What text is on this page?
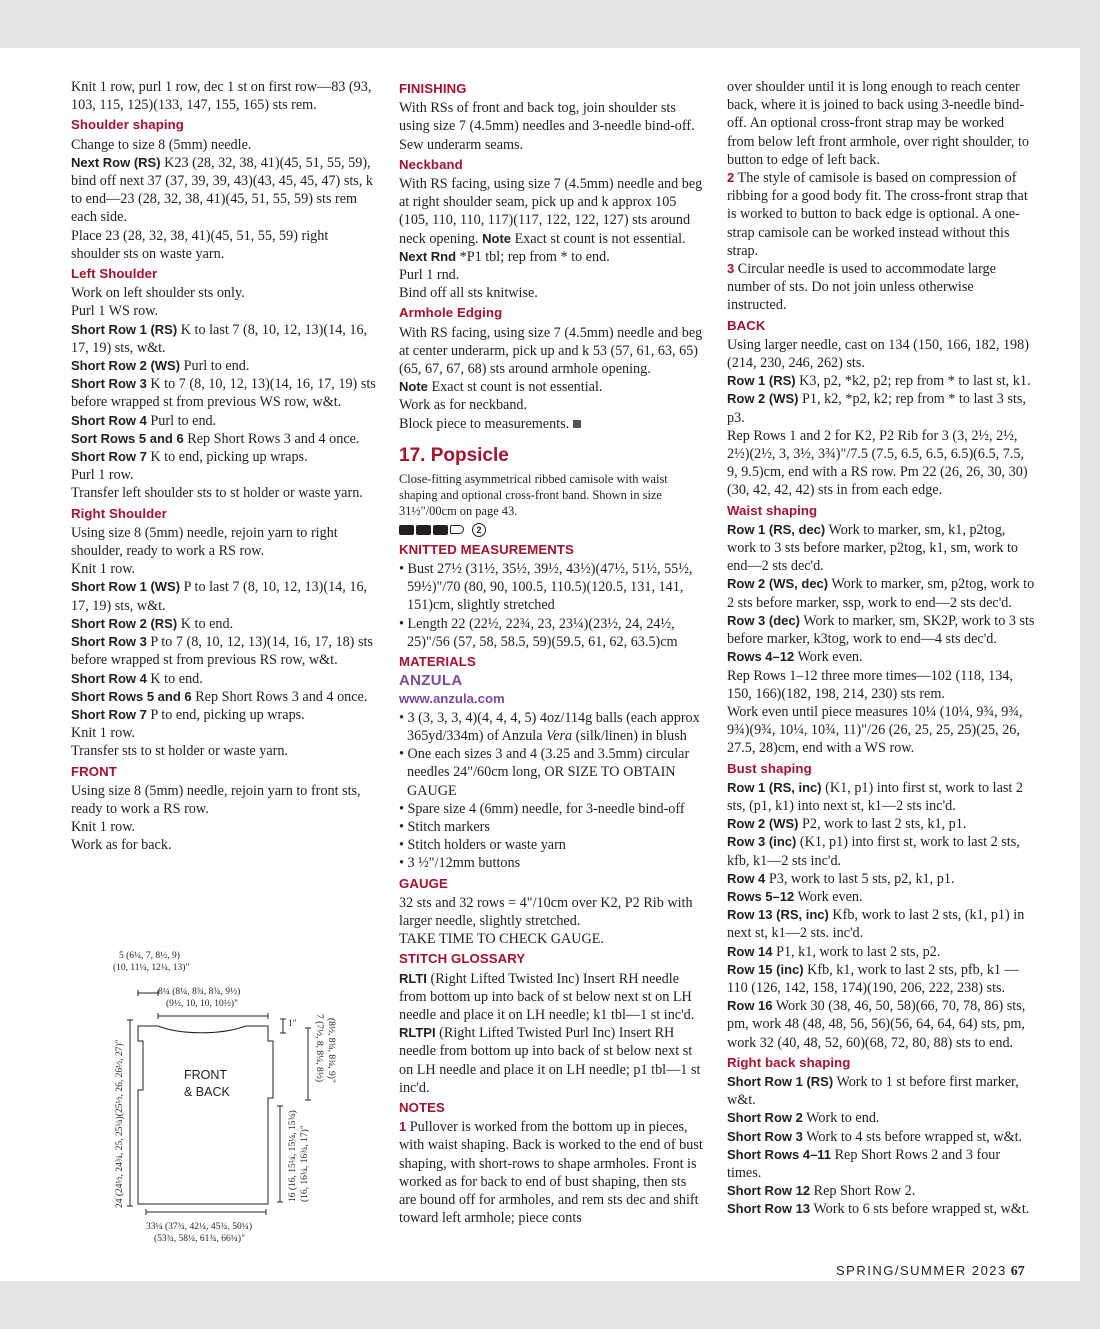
Knit 1 row, purl 1 row, dec 1 st on first row—83 (93, 103, 115, 125)(133, 147, 155, 165) sts rem.

Shoulder shaping

Change to size 8 (5mm) needle.

Next Row (RS) K23 (28, 32, 38, 41)(45, 51, 55, 59), bind off next 37 (37, 39, 39, 43)(43, 45, 45, 47) sts, k to end—23 (28, 32, 38, 41)(45, 51, 55, 59) sts rem each side.

Place 23 (28, 32, 38, 41)(45, 51, 55, 59) right shoulder sts on waste yarn.

Left Shoulder

Work on left shoulder sts only.

Purl 1 WS row.

Short Row 1 (RS) K to last 7 (8, 10, 12, 13)(14, 16, 17, 19) sts, w&t.

Short Row 2 (WS) Purl to end.

Short Row 3 K to 7 (8, 10, 12, 13)(14, 16, 17, 19) sts before wrapped st from previous WS row, w&t.

Short Row 4 Purl to end.

Sort Rows 5 and 6 Rep Short Rows 3 and 4 once.

Short Row 7 K to end, picking up wraps.

Purl 1 row.

Transfer left shoulder sts to st holder or waste yarn.

Right Shoulder

Using size 8 (5mm) needle, rejoin yarn to right shoulder, ready to work a RS row.

Knit 1 row.

Short Row 1 (WS) P to last 7 (8, 10, 12, 13)(14, 16, 17, 19) sts, w&t.

Short Row 2 (RS) K to end.

Short Row 3 P to 7 (8, 10, 12, 13)(14, 16, 17, 18) sts before wrapped st from previous RS row, w&t.

Short Row 4 K to end.

Short Rows 5 and 6 Rep Short Rows 3 and 4 once.

Short Row 7 P to end, picking up wraps.

Knit 1 row.

Transfer sts to st holder or waste yarn.

FRONT

Using size 8 (5mm) needle, rejoin yarn to front sts, ready to work a RS row.

Knit 1 row.

Work as for back.

5 (6¼, 7, 8½, 9)
(10, 11¼, 12¼, 13)"
8¼ (8¼, 8¾, 8¾, 9½)
(9½, 10, 10, 10½)"
1"
FRONT
& BACK
24 (24½, 24¾, 25, 25¼)(25½, 26, 26½, 27)"	7 (7½, 8, 8¼, 8½) (8½, 8¾, 8¾, 9)"
16 (16, 15¼, 15¼, 15¾) (16, 16¼, 16¾, 17)"
33¼ (37¾, 42¼, 45¾, 50¼)
(53¾, 58¼, 61¾, 66¼)"

FINISHING

With RSs of front and back tog, join shoulder sts using size 7 (4.5mm) needles and 3-needle bind-off. Sew underarm seams.

Neckband

With RS facing, using size 7 (4.5mm) needle and beg at right shoulder seam, pick up and k approx 105 (105, 110, 110, 117)(117, 122, 122, 127) sts around neck opening. Note Exact st count is not essential.

Next Rnd *P1 tbl; rep from * to end.

Purl 1 rnd.

Bind off all sts knitwise.

Armhole Edging

With RS facing, using size 7 (4.5mm) needle and beg at center underarm, pick up and k 53 (57, 61, 63, 65)(65, 67, 67, 68) sts around armhole opening.

Note Exact st count is not essential.

Work as for neckband.

Block piece to measurements.

17. Popsicle

Close-fitting asymmetrical ribbed camisole with waist shaping and optional cross-front band. Shown in size 31½"/00cm on page 43.

2

KNITTED MEASUREMENTS

• Bust 27½ (31½, 35½, 39½, 43½)(47½, 51½, 55½, 59½)"/70 (80, 90, 100.5, 110.5)(120.5, 131, 141, 151)cm, slightly stretched
• Length 22 (22½, 22¾, 23, 23¼)(23½, 24, 24½, 25)"/56 (57, 58, 58.5, 59)(59.5, 61, 62, 63.5)cm

MATERIALS

ANZULA

www.anzula.com

• 3 (3, 3, 3, 4)(4, 4, 4, 5) 4oz/114g balls (each approx 365yd/334m) of Anzula Vera (silk/linen) in blush
• One each sizes 3 and 4 (3.25 and 3.5mm) circular needles 24"/60cm long, OR SIZE TO OBTAIN GAUGE
• Spare size 4 (6mm) needle, for 3-needle bind-off
• Stitch markers
• Stitch holders or waste yarn
• 3 ½"/12mm buttons

GAUGE

32 sts and 32 rows = 4"/10cm over K2, P2 Rib with larger needle, slightly stretched.

TAKE TIME TO CHECK GAUGE.

STITCH GLOSSARY

RLTI (Right Lifted Twisted Inc) Insert RH needle from bottom up into back of st below next st on LH needle and place it on LH needle; k1 tbl—1 st inc'd.

RLTPI (Right Lifted Twisted Purl Inc) Insert RH needle from bottom up into back of st below next st on LH needle and place it on LH needle; p1 tbl—1 st inc'd.

NOTES

1 Pullover is worked from the bottom up in pieces, with waist shaping. Back is worked to the end of bust shaping, with short-rows to shape armholes. Front is worked as for back to end of bust shaping, then sts are bound off for armholes, and rem sts dec and shift toward left armhole; piece conts

over shoulder until it is long enough to reach center back, where it is joined to back using 3-needle bind-off. An optional cross-front strap may be worked from below left front armhole, over right shoulder, to button to edge of left back.

2 The style of camisole is based on compression of ribbing for a good body fit. The cross-front strap that is worked to button to back edge is optional. A one-strap camisole can be worked instead without this strap.

3 Circular needle is used to accommodate large number of sts. Do not join unless otherwise instructed.

BACK

Using larger needle, cast on 134 (150, 166, 182, 198)(214, 230, 246, 262) sts.

Row 1 (RS) K3, p2, *k2, p2; rep from * to last st, k1.

Row 2 (WS) P1, k2, *p2, k2; rep from * to last 3 sts, p3.

Rep Rows 1 and 2 for K2, P2 Rib for 3 (3, 2½, 2½, 2½)(2½, 3, 3½, 3¾)"/7.5 (7.5, 6.5, 6.5, 6.5)(6.5, 7.5, 9, 9.5)cm, end with a RS row. Pm 22 (26, 26, 30, 30)(30, 42, 42, 42) sts in from each edge.

Waist shaping

Row 1 (RS, dec) Work to marker, sm, k1, p2tog, work to 3 sts before marker, p2tog, k1, sm, work to end—2 sts dec'd.

Row 2 (WS, dec) Work to marker, sm, p2tog, work to 2 sts before marker, ssp, work to end—2 sts dec'd.

Row 3 (dec) Work to marker, sm, SK2P, work to 3 sts before marker, k3tog, work to end—4 sts dec'd.

Rows 4–12 Work even.

Rep Rows 1–12 three more times—102 (118, 134, 150, 166)(182, 198, 214, 230) sts rem.

Work even until piece measures 10¼ (10¼, 9¾, 9¾, 9¾)(9¾, 10¼, 10¾, 11)"/26 (26, 25, 25, 25)(25, 26, 27.5, 28)cm, end with a WS row.

Bust shaping

Row 1 (RS, inc) (K1, p1) into first st, work to last 2 sts, (p1, k1) into next st, k1—2 sts inc'd.

Row 2 (WS) P2, work to last 2 sts, k1, p1.

Row 3 (inc) (K1, p1) into first st, work to last 2 sts, kfb, k1—2 sts inc'd.

Row 4 P3, work to last 5 sts, p2, k1, p1.

Rows 5–12 Work even.

Row 13 (RS, inc) Kfb, work to last 2 sts, (k1, p1) in next st, k1—2 sts. inc'd.

Row 14 P1, k1, work to last 2 sts, p2.

Row 15 (inc) Kfb, k1, work to last 2 sts, pfb, k1 — 110 (126, 142, 158, 174)(190, 206, 222, 238) sts.

Row 16 Work 30 (38, 46, 50, 58)(66, 70, 78, 86) sts, pm, work 48 (48, 48, 56, 56)(56, 64, 64, 64) sts, pm, work 32 (40, 48, 52, 60)(68, 72, 80, 88) sts to end.

Right back shaping

Short Row 1 (RS) Work to 1 st before first marker, w&t.

Short Row 2 Work to end.

Short Row 3 Work to 4 sts before wrapped st, w&t.

Short Rows 4–11 Rep Short Rows 2 and 3 four times.

Short Row 12 Rep Short Row 2.

Short Row 13 Work to 6 sts before wrapped st, w&t.

SPRING/SUMMER 2023 67
